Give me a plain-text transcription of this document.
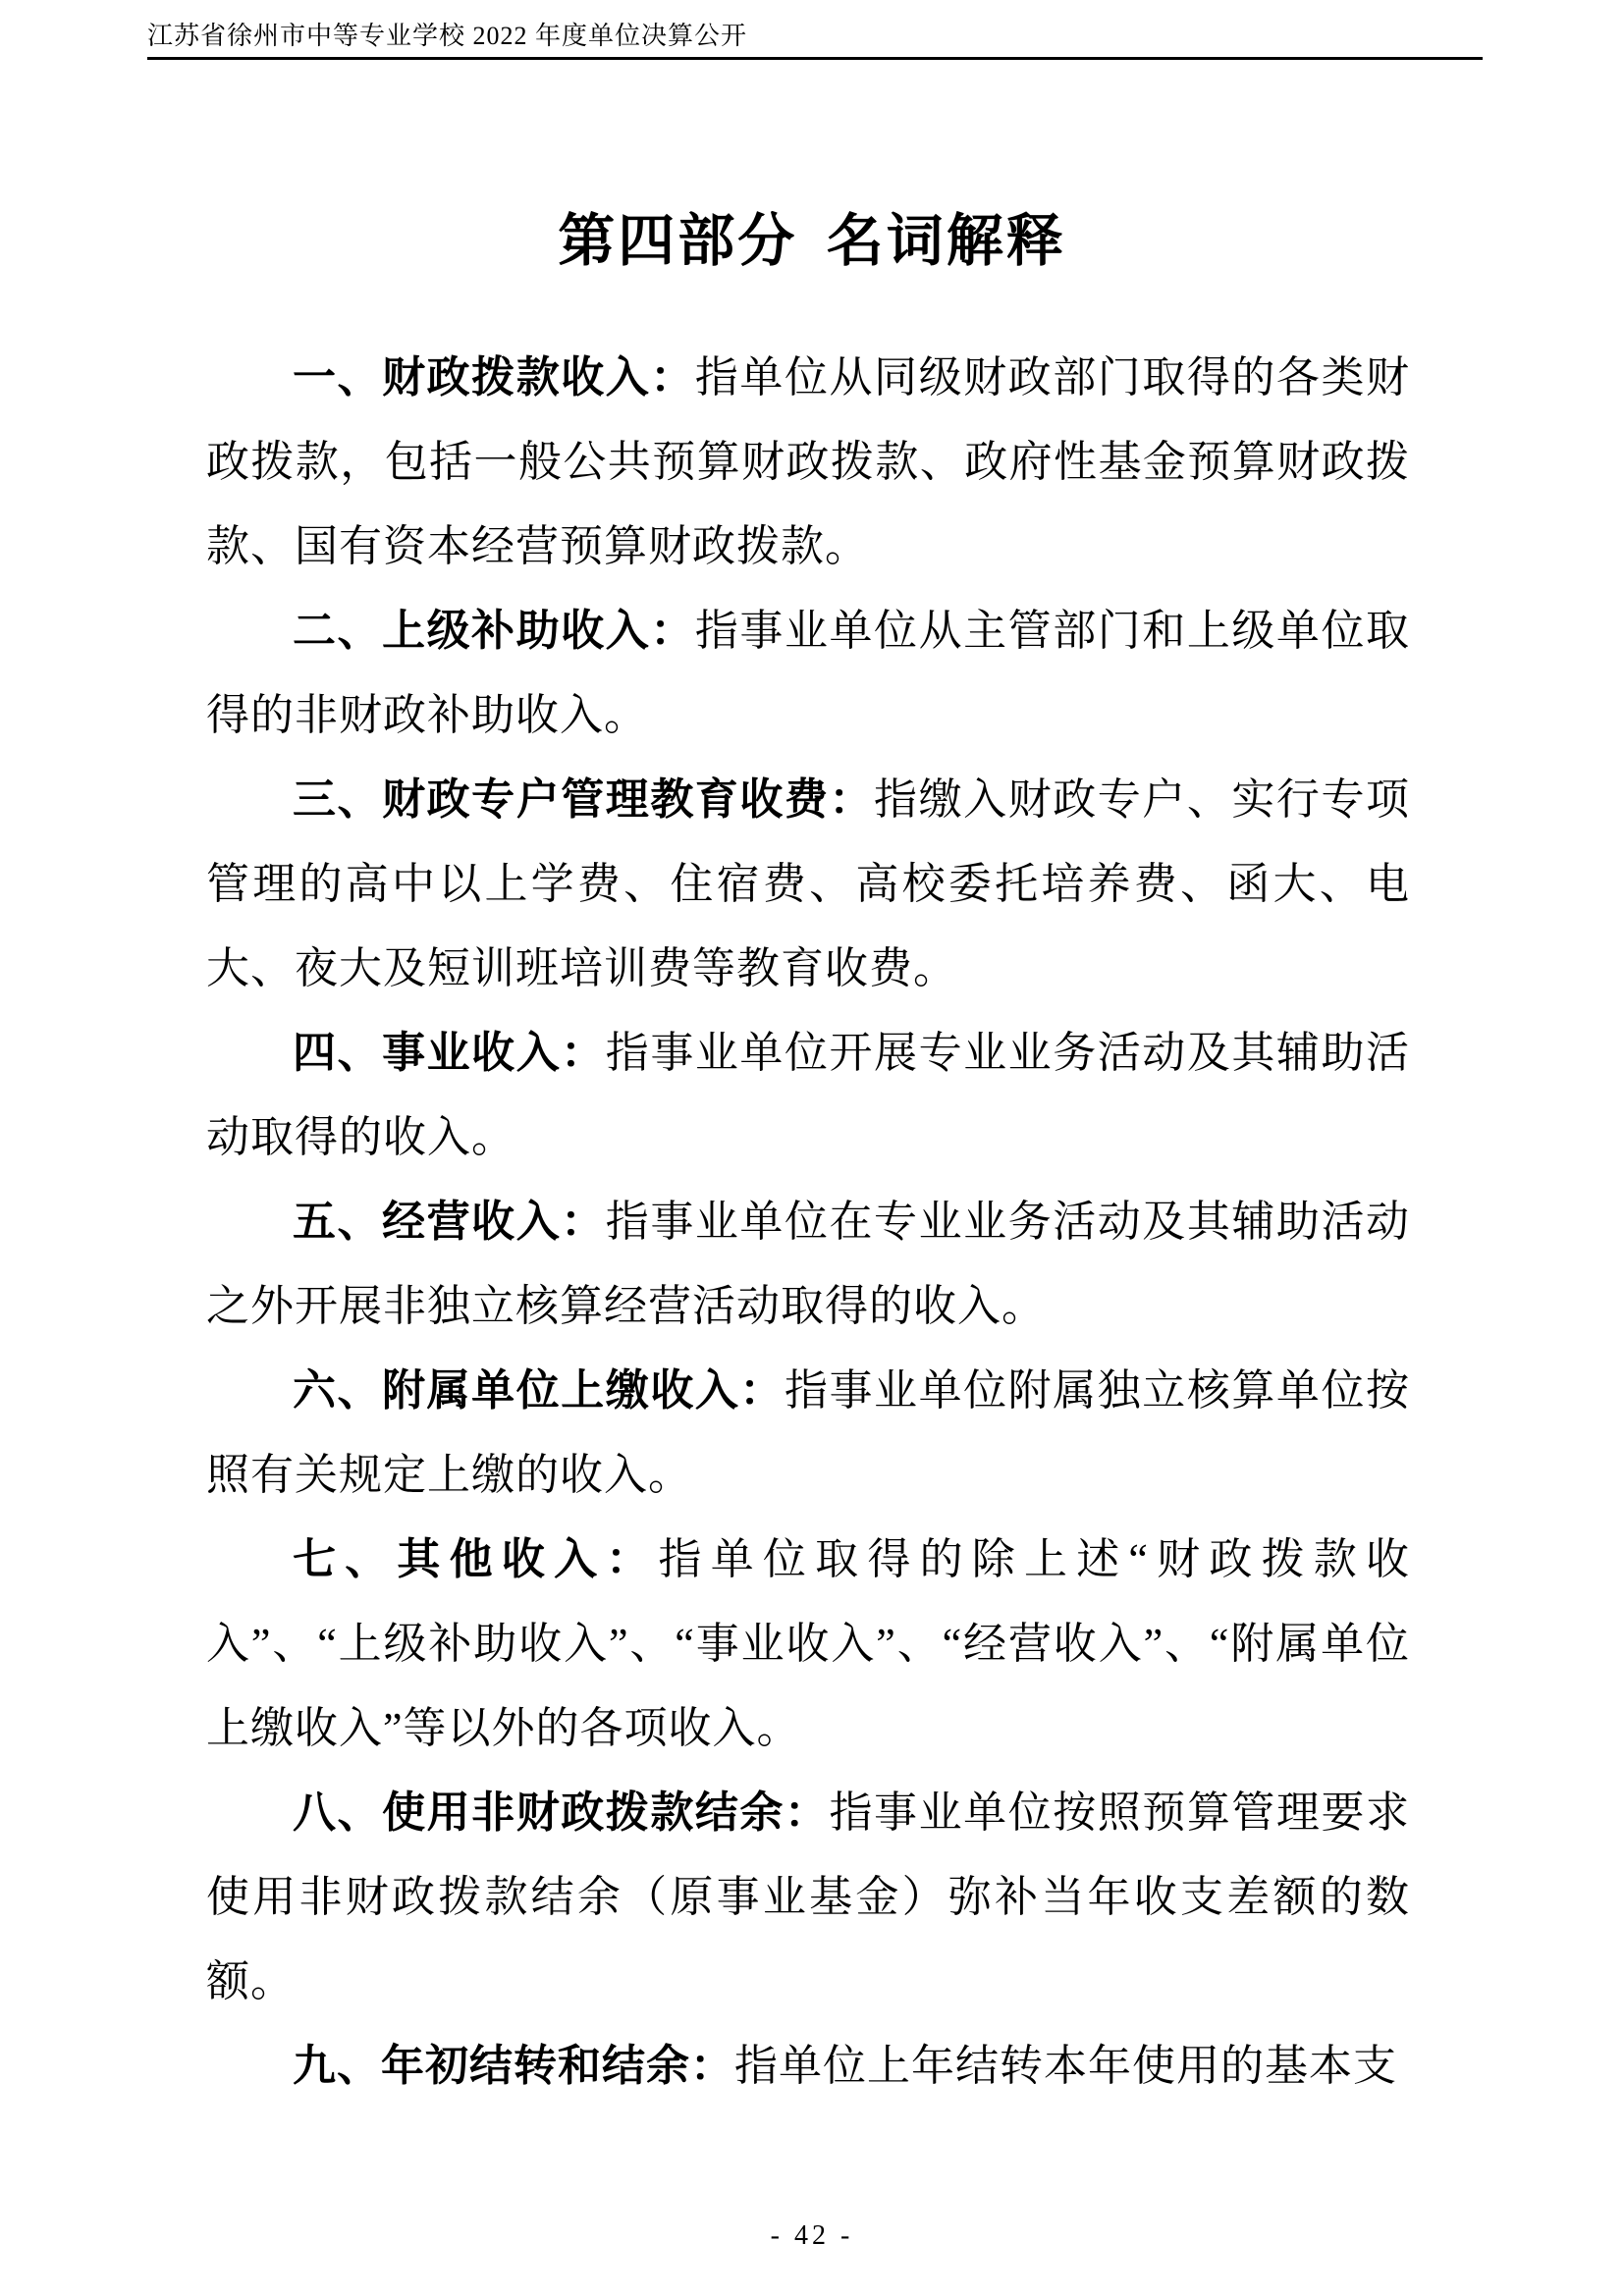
江苏省徐州市中等专业学校 2022 年度单位决算公开
第四部分 名词解释

一、财政拨款收入：指单位从同级财政部门取得的各类财政拨款，包括一般公共预算财政拨款、政府性基金预算财政拨款、国有资本经营预算财政拨款。

二、上级补助收入：指事业单位从主管部门和上级单位取得的非财政补助收入。

三、财政专户管理教育收费：指缴入财政专户、实行专项管理的高中以上学费、住宿费、高校委托培养费、函大、电大、夜大及短训班培训费等教育收费。

四、事业收入：指事业单位开展专业业务活动及其辅助活动取得的收入。

五、经营收入：指事业单位在专业业务活动及其辅助活动之外开展非独立核算经营活动取得的收入。

六、附属单位上缴收入：指事业单位附属独立核算单位按照有关规定上缴的收入。

七、其他收入：指单位取得的除上述“财政拨款收入”、“上级补助收入”、“事业收入”、“经营收入”、“附属单位上缴收入”等以外的各项收入。

八、使用非财政拨款结余：指事业单位按照预算管理要求使用非财政拨款结余（原事业基金）弥补当年收支差额的数额。

九、年初结转和结余：指单位上年结转本年使用的基本支

- 42 -
